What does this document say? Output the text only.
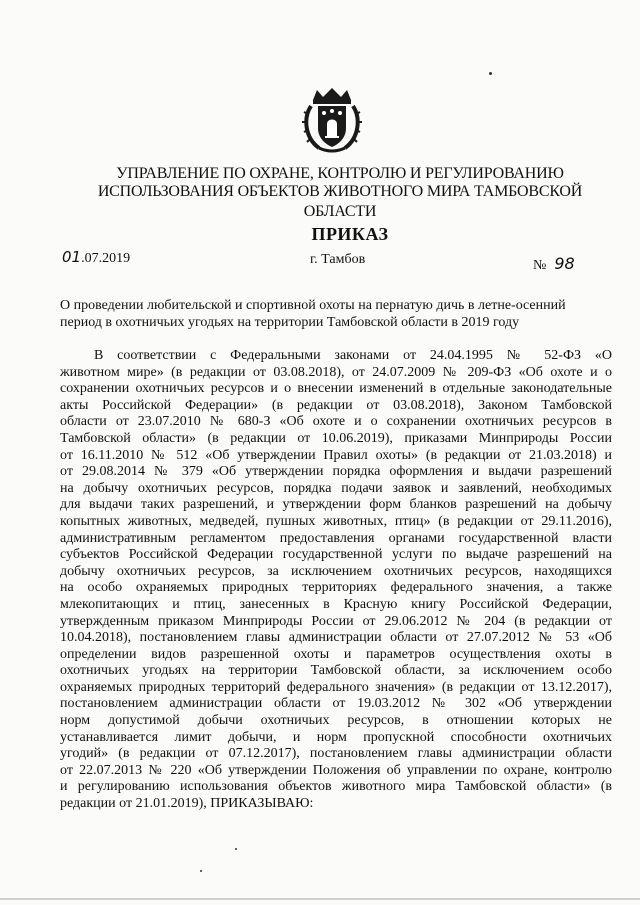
УПРАВЛЕНИЕ ПО ОХРАНЕ, КОНТРОЛЮ И РЕГУЛИРОВАНИЮ
ИСПОЛЬЗОВАНИЯ ОБЪЕКТОВ ЖИВОТНОГО МИРА ТАМБОВСКОЙ ОБЛАСТИ
ПРИКАЗ
01.07.2019	г. Тамбов	№ 98
О проведении любительской и спортивной охоты на пернатую дичь в летне-осенний
период в охотничьих угодьях на территории Тамбовской области в 2019 году
В соответствии с Федеральными законами от 24.04.1995 № 52-ФЗ «О
животном мире» (в редакции от 03.08.2018), от 24.07.2009 № 209-ФЗ «Об охоте и о
сохранении охотничьих ресурсов и о внесении изменений в отдельные законодательные
акты Российской Федерации» (в редакции от 03.08.2018), Законом Тамбовской
области от 23.07.2010 № 680-З «Об охоте и о сохранении охотничьих ресурсов в
Тамбовской области» (в редакции от 10.06.2019), приказами Минприроды России
от 16.11.2010 № 512 «Об утверждении Правил охоты» (в редакции от 21.03.2018) и
от 29.08.2014 № 379 «Об утверждении порядка оформления и выдачи разрешений
на добычу охотничьих ресурсов, порядка подачи заявок и заявлений, необходимых
для выдачи таких разрешений, и утверждении форм бланков разрешений на добычу
копытных животных, медведей, пушных животных, птиц» (в редакции от 29.11.2016),
административным регламентом предоставления органами государственной власти
субъектов Российской Федерации государственной услуги по выдаче разрешений на
добычу охотничьих ресурсов, за исключением охотничьих ресурсов, находящихся
на особо охраняемых природных территориях федерального значения, а также
млекопитающих и птиц, занесенных в Красную книгу Российской Федерации,
утвержденным приказом Минприроды России от 29.06.2012 № 204 (в редакции от
10.04.2018), постановлением главы администрации области от 27.07.2012 № 53 «Об
определении видов разрешенной охоты и параметров осуществления охоты в
охотничьих угодьях на территории Тамбовской области, за исключением особо
охраняемых природных территорий федерального значения» (в редакции от 13.12.2017),
постановлением администрации области от 19.03.2012 № 302 «Об утверждении
норм допустимой добычи охотничьих ресурсов, в отношении которых не
устанавливается лимит добычи, и норм пропускной способности охотничьих
угодий» (в редакции от 07.12.2017), постановлением главы администрации области
от 22.07.2013 № 220 «Об утверждении Положения об управлении по охране, контролю
и регулированию использования объектов животного мира Тамбовской области» (в
редакции от 21.01.2019), ПРИКАЗЫВАЮ:
